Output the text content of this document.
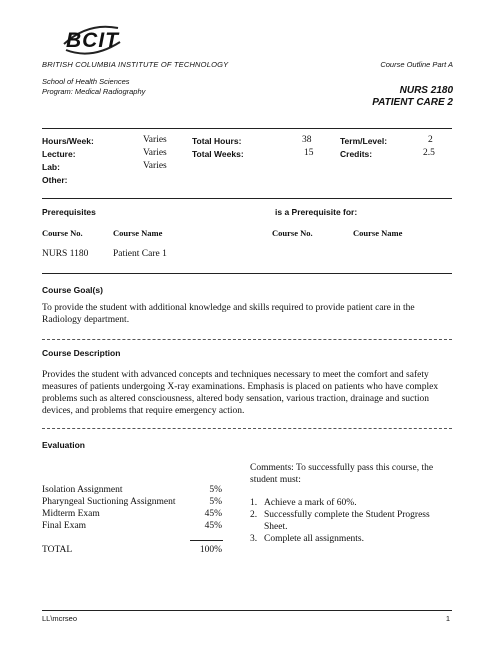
BCIT
BRITISH COLUMBIA INSTITUTE OF TECHNOLOGY
School of Health Sciences
Program: Medical Radiography
Course Outline Part A
NURS 2180
PATIENT CARE 2
Hours/Week:	Varies
Lecture:	Varies
Lab:	Varies
Other:
Total Hours:	38
Total Weeks:	15
Term/Level:	2
Credits:	2.5
Prerequisites	is a Prerequisite for:
Course No.	Course Name	Course No.	Course Name
NURS 1180	Patient Care 1
Course Goal(s)
To provide the student with additional knowledge and skills required to provide patient care in the Radiology department.
Course Description
Provides the student with advanced concepts and techniques necessary to meet the comfort and safety measures of patients undergoing X-ray examinations. Emphasis is placed on patients who have complex problems such as altered consciousness, altered body sensation, various traction, drainage and suction devices, and problems that require emergency action.
Evaluation
Isolation Assignment	5%
Pharyngeal Suctioning Assignment	5%
Midterm Exam	45%
Final Exam	45%
TOTAL	100%
Comments: To successfully pass this course, the student must:
1. Achieve a mark of 60%.
2. Successfully complete the Student Progress Sheet.
3. Complete all assignments.
LL\mcrseo	1
